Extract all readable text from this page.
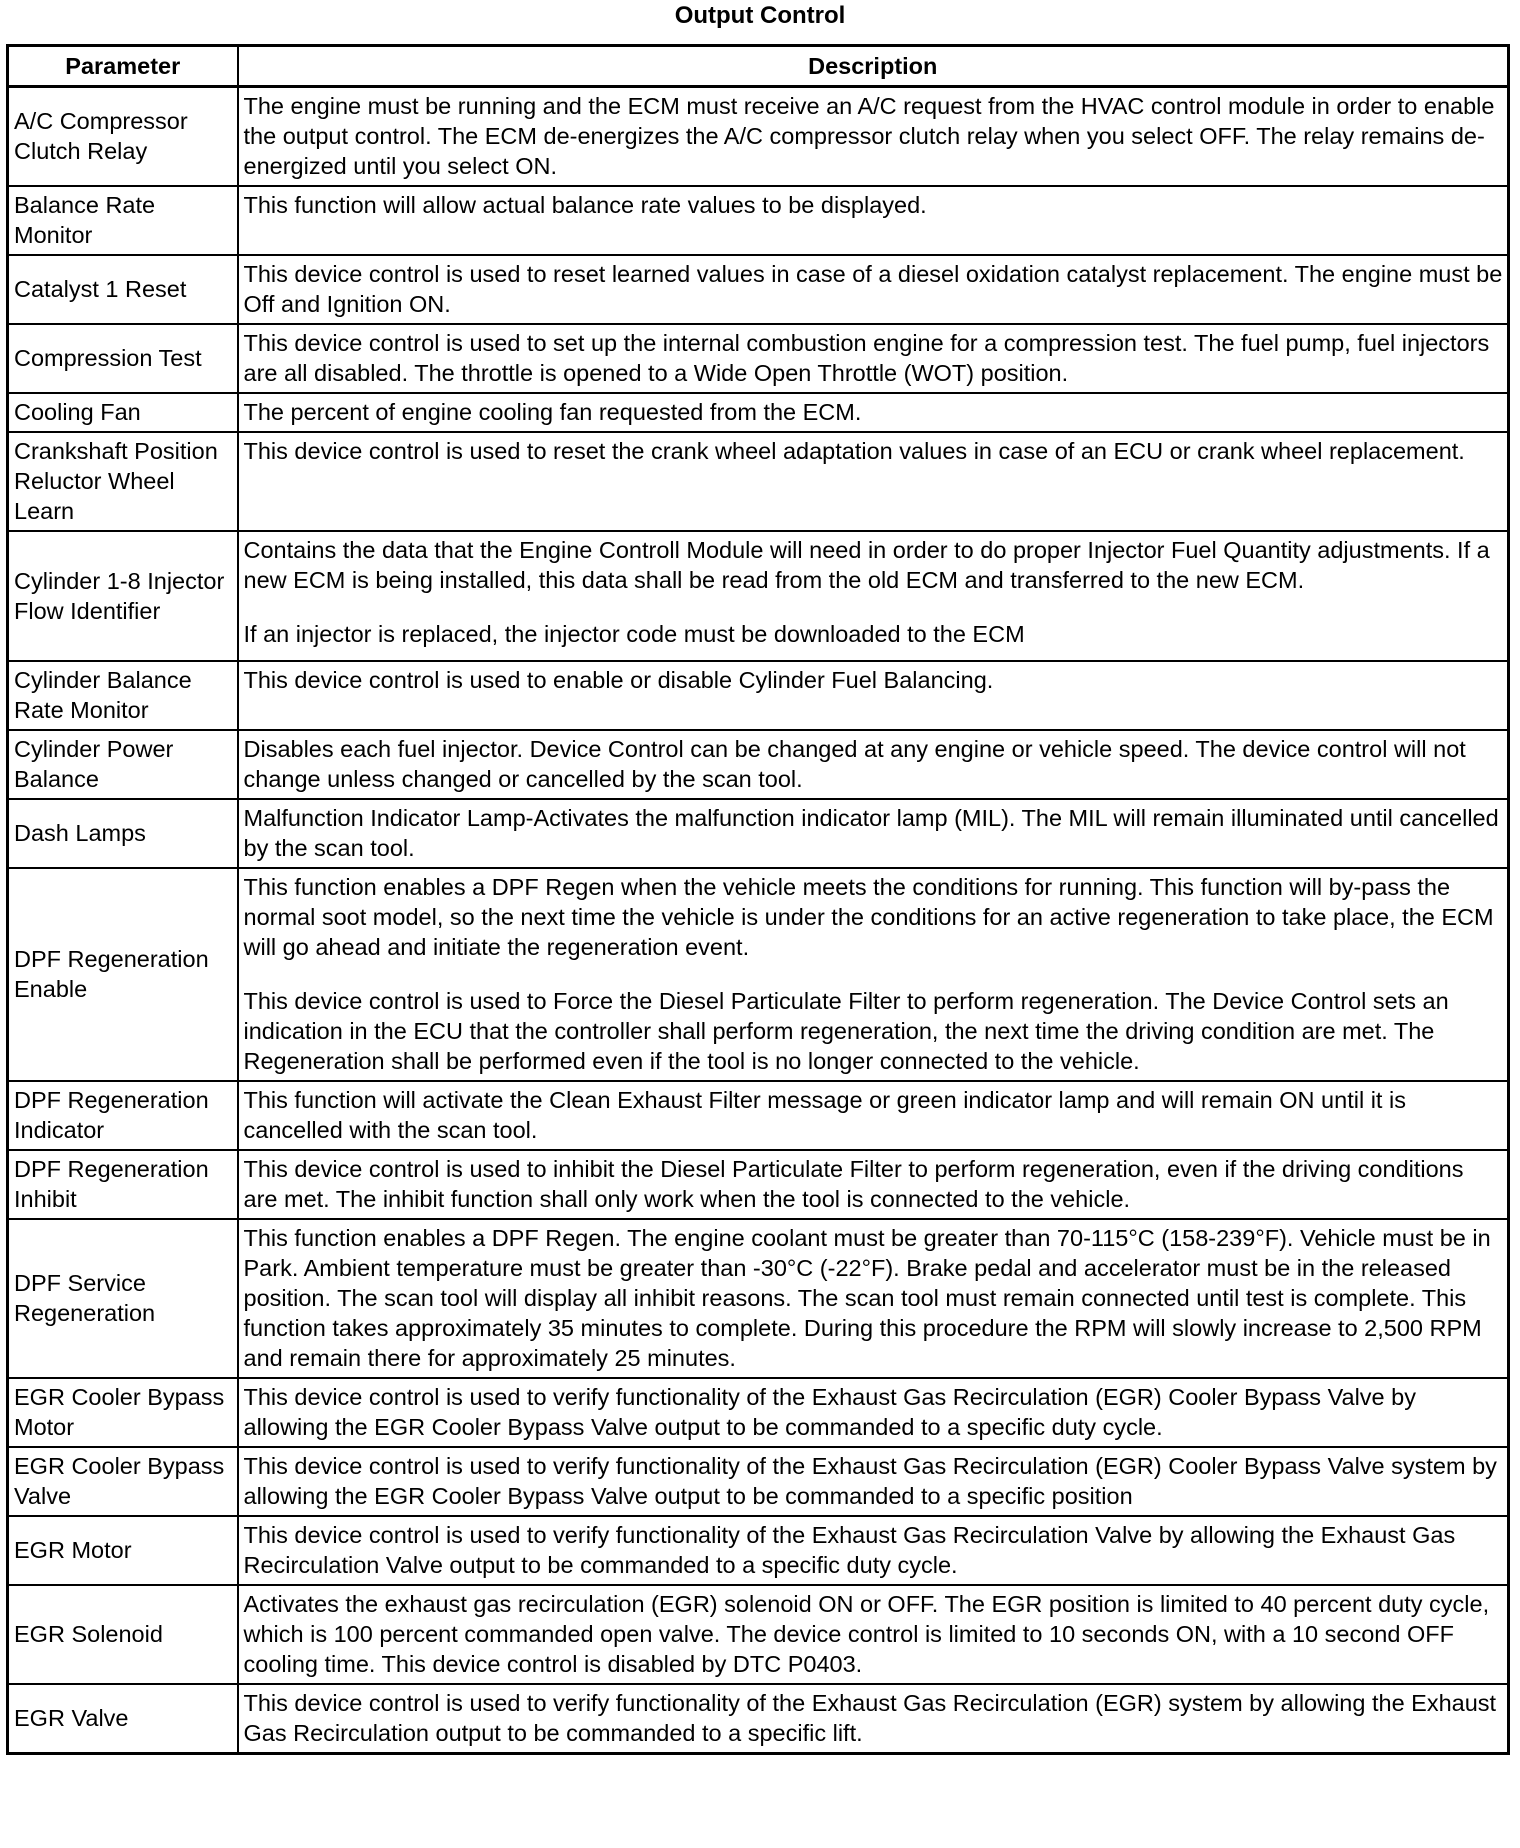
Output Control
Parameter	Description
A/C Compressor Clutch Relay	The engine must be running and the ECM must receive an A/C request from the HVAC control module in order to enable the output control. The ECM de-energizes the A/C compressor clutch relay when you select OFF. The relay remains de-energized until you select ON.

Balance Rate Monitor	This function will allow actual balance rate values to be displayed.

Catalyst 1 Reset	This device control is used to reset learned values in case of a diesel oxidation catalyst replacement. The engine must be Off and Ignition ON.

Compression Test	This device control is used to set up the internal combustion engine for a compression test. The fuel pump, fuel injectors are all disabled. The throttle is opened to a Wide Open Throttle (WOT) position.

Cooling Fan	The percent of engine cooling fan requested from the ECM.

Crankshaft Position Reluctor Wheel Learn	This device control is used to reset the crank wheel adaptation values in case of an ECU or crank wheel replacement.

Cylinder 1-8 Injector Flow Identifier	Contains the data that the Engine Controll Module will need in order to do proper Injector Fuel Quantity adjustments. If a new ECM is being installed, this data shall be read from the old ECM and transferred to the new ECM.
If an injector is replaced, the injector code must be downloaded to the ECM

Cylinder Balance Rate Monitor	This device control is used to enable or disable Cylinder Fuel Balancing.

Cylinder Power Balance	Disables each fuel injector. Device Control can be changed at any engine or vehicle speed. The device control will not change unless changed or cancelled by the scan tool.

Dash Lamps	Malfunction Indicator Lamp-Activates the malfunction indicator lamp (MIL). The MIL will remain illuminated until cancelled by the scan tool.

DPF Regeneration Enable	This function enables a DPF Regen when the vehicle meets the conditions for running. This function will by-pass the normal soot model, so the next time the vehicle is under the conditions for an active regeneration to take place, the ECM will go ahead and initiate the regeneration event.
This device control is used to Force the Diesel Particulate Filter to perform regeneration. The Device Control sets an indication in the ECU that the controller shall perform regeneration, the next time the driving condition are met. The Regeneration shall be performed even if the tool is no longer connected to the vehicle.

DPF Regeneration Indicator	This function will activate the Clean Exhaust Filter message or green indicator lamp and will remain ON until it is cancelled with the scan tool.

DPF Regeneration Inhibit	This device control is used to inhibit the Diesel Particulate Filter to perform regeneration, even if the driving conditions are met. The inhibit function shall only work when the tool is connected to the vehicle.

DPF Service Regeneration	This function enables a DPF Regen. The engine coolant must be greater than 70-115°C (158-239°F). Vehicle must be in Park. Ambient temperature must be greater than -30°C (-22°F). Brake pedal and accelerator must be in the released position. The scan tool will display all inhibit reasons. The scan tool must remain connected until test is complete. This function takes approximately 35 minutes to complete. During this procedure the RPM will slowly increase to 2,500 RPM and remain there for approximately 25 minutes.

EGR Cooler Bypass Motor	This device control is used to verify functionality of the Exhaust Gas Recirculation (EGR) Cooler Bypass Valve by allowing the EGR Cooler Bypass Valve output to be commanded to a specific duty cycle.

EGR Cooler Bypass Valve	This device control is used to verify functionality of the Exhaust Gas Recirculation (EGR) Cooler Bypass Valve system by allowing the EGR Cooler Bypass Valve output to be commanded to a specific position

EGR Motor	This device control is used to verify functionality of the Exhaust Gas Recirculation Valve by allowing the Exhaust Gas Recirculation Valve output to be commanded to a specific duty cycle.

EGR Solenoid	Activates the exhaust gas recirculation (EGR) solenoid ON or OFF. The EGR position is limited to 40 percent duty cycle, which is 100 percent commanded open valve. The device control is limited to 10 seconds ON, with a 10 second OFF cooling time. This device control is disabled by DTC P0403.

EGR Valve	This device control is used to verify functionality of the Exhaust Gas Recirculation (EGR) system by allowing the Exhaust Gas Recirculation output to be commanded to a specific lift.
